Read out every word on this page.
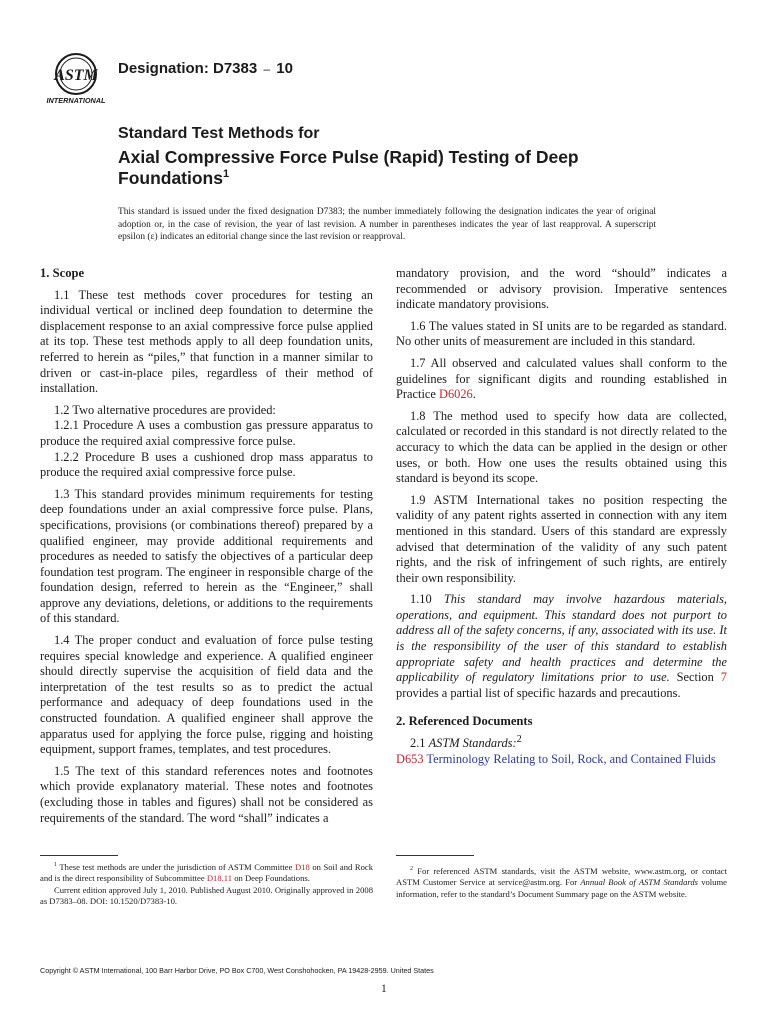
ASTM
INTERNATIONAL
Designation: D7383 – 10
Standard Test Methods for
Axial Compressive Force Pulse (Rapid) Testing of Deep Foundations$^1$
This standard is issued under the fixed designation D7383; the number immediately following the designation indicates the year of original adoption or, in the case of revision, the year of last revision. A number in parentheses indicates the year of last reapproval. A superscript epsilon (ε) indicates an editorial change since the last revision or reapproval.
1. Scope

1.1 These test methods cover procedures for testing an individual vertical or inclined deep foundation to determine the displacement response to an axial compressive force pulse applied at its top. These test methods apply to all deep foundation units, referred to herein as “piles,” that function in a manner similar to driven or cast-in-place piles, regardless of their method of installation.

1.2 Two alternative procedures are provided:

1.2.1 Procedure A uses a combustion gas pressure apparatus to produce the required axial compressive force pulse.

1.2.2 Procedure B uses a cushioned drop mass apparatus to produce the required axial compressive force pulse.

1.3 This standard provides minimum requirements for testing deep foundations under an axial compressive force pulse. Plans, specifications, provisions (or combinations thereof) prepared by a qualified engineer, may provide additional requirements and procedures as needed to satisfy the objectives of a particular deep foundation test program. The engineer in responsible charge of the foundation design, referred to herein as the “Engineer,” shall approve any deviations, deletions, or additions to the requirements of this standard.

1.4 The proper conduct and evaluation of force pulse testing requires special knowledge and experience. A qualified engineer should directly supervise the acquisition of field data and the interpretation of the test results so as to predict the actual performance and adequacy of deep foundations used in the constructed foundation. A qualified engineer shall approve the apparatus used for applying the force pulse, rigging and hoisting equipment, support frames, templates, and test procedures.

1.5 The text of this standard references notes and footnotes which provide explanatory material. These notes and footnotes (excluding those in tables and figures) shall not be considered as requirements of the standard. The word “shall” indicates a

mandatory provision, and the word “should” indicates a recommended or advisory provision. Imperative sentences indicate mandatory provisions.

1.6 The values stated in SI units are to be regarded as standard. No other units of measurement are included in this standard.

1.7 All observed and calculated values shall conform to the guidelines for significant digits and rounding established in Practice D6026.

1.8 The method used to specify how data are collected, calculated or recorded in this standard is not directly related to the accuracy to which the data can be applied in the design or other uses, or both. How one uses the results obtained using this standard is beyond its scope.

1.9 ASTM International takes no position respecting the validity of any patent rights asserted in connection with any item mentioned in this standard. Users of this standard are expressly advised that determination of the validity of any such patent rights, and the risk of infringement of such rights, are entirely their own responsibility.

1.10 This standard may involve hazardous materials, operations, and equipment. This standard does not purport to address all of the safety concerns, if any, associated with its use. It is the responsibility of the user of this standard to establish appropriate safety and health practices and determine the applicability of regulatory limitations prior to use. Section 7 provides a partial list of specific hazards and precautions.

2. Referenced Documents

2.1 ASTM Standards:$^2$

D653 Terminology Relating to Soil, Rock, and Contained Fluids

$^1$ These test methods are under the jurisdiction of ASTM Committee D18 on Soil and Rock and is the direct responsibility of Subcommittee D18.11 on Deep Foundations.

Current edition approved July 1, 2010. Published August 2010. Originally approved in 2008 as D7383–08. DOI: 10.1520/D7383-10.

$^2$ For referenced ASTM standards, visit the ASTM website, www.astm.org, or contact ASTM Customer Service at service@astm.org. For Annual Book of ASTM Standards volume information, refer to the standard’s Document Summary page on the ASTM website.

Copyright © ASTM International, 100 Barr Harbor Drive, PO Box C700, West Conshohocken, PA 19428-2959. United States
1
